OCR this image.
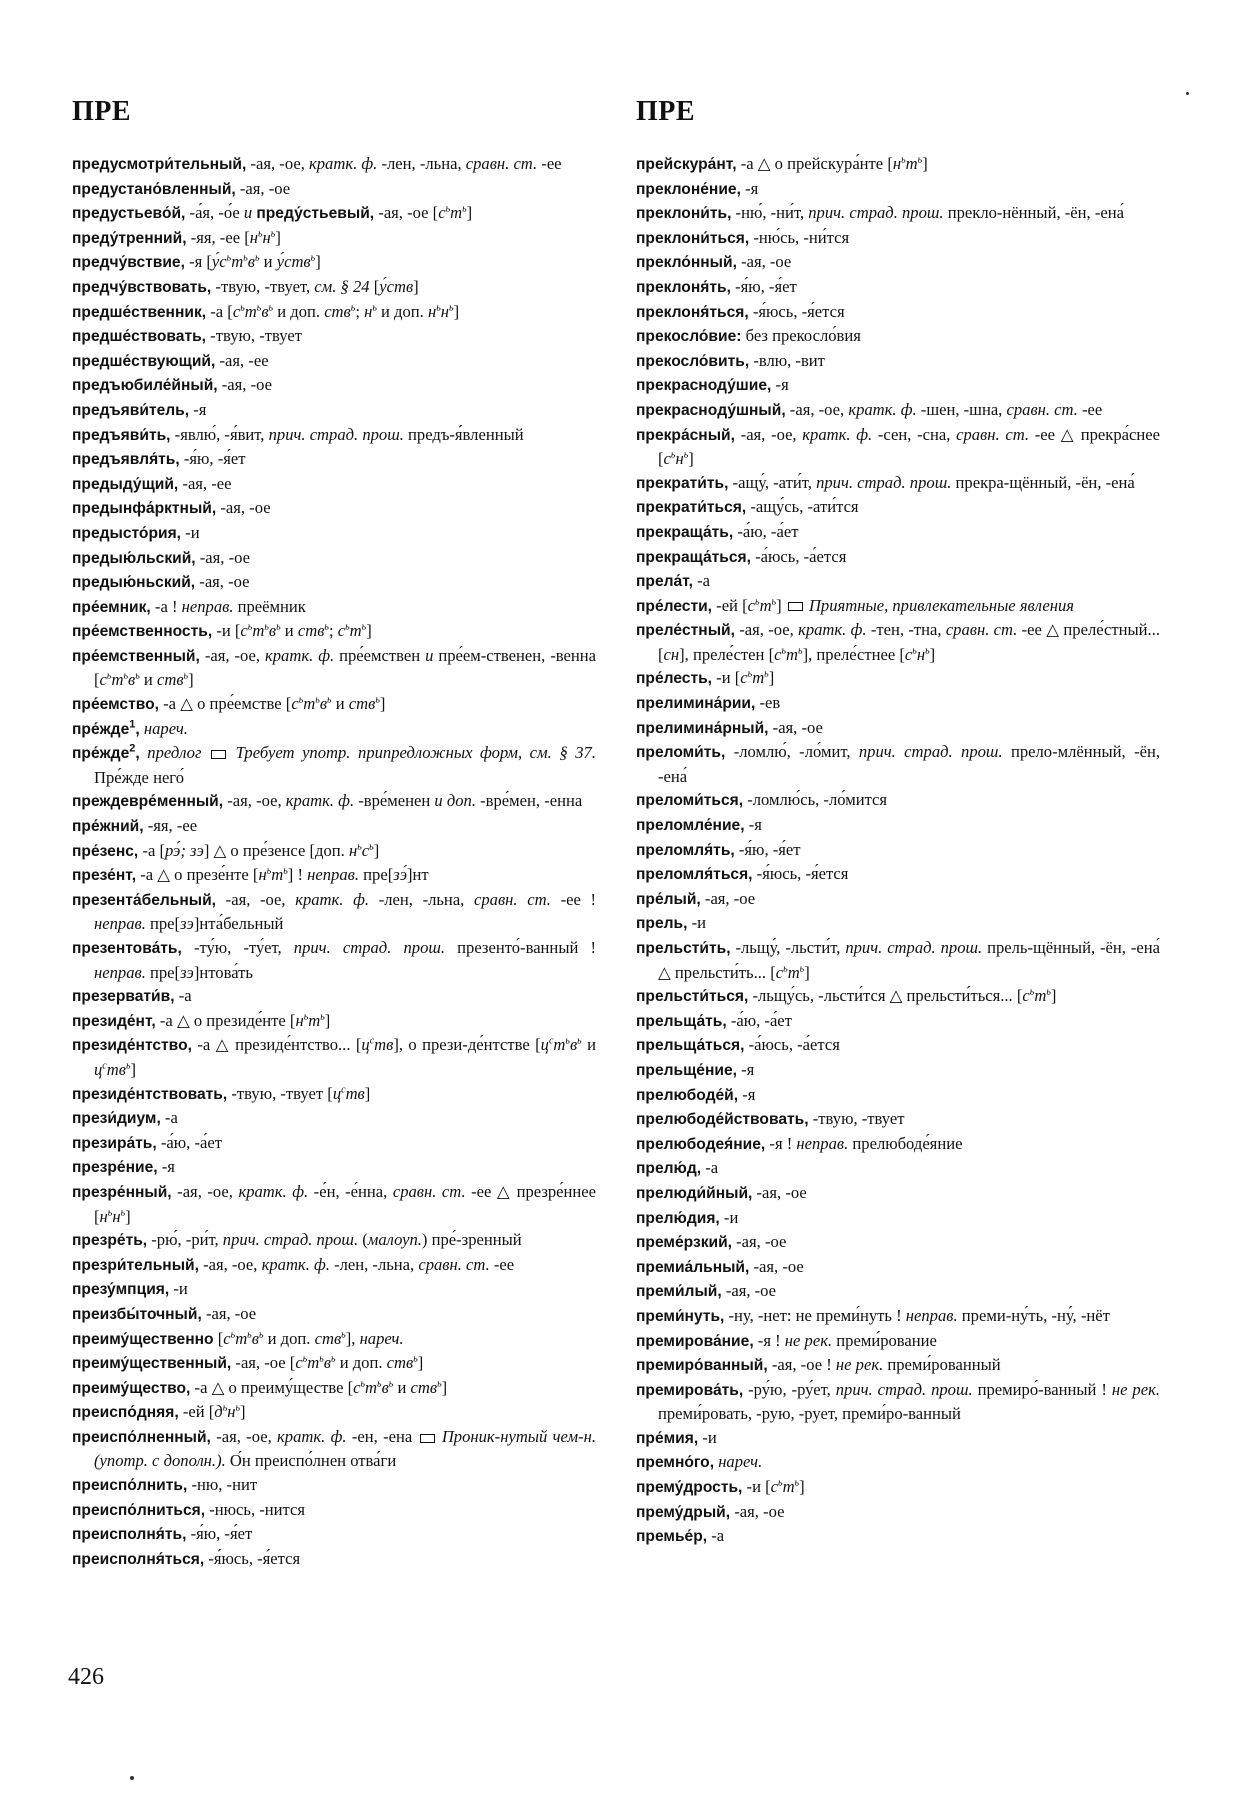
ПРЕ	ПРЕ

предусмотри́тельный, -ая, -ое, кратк. ф. -лен, -льна, сравн. ст. -ее

предустано́вленный, -ая, -ое

предустьево́й, -а́я, -о́е и преду́стьевый, -ая, -ое $[с^ьт^ь]$

преду́тренний, -яя, -ее $[н^ьн^ь]$

предчу́вствие, -я [$у́с^ьт^ьв^ь$ и у́ств$^ь$]

предчу́вствовать, -твую, -твует, см. § 24 [у́ств]

предше́ственник, -а [$с^ьт^ьв^ь$ и доп. ств$^ь$; $н^ь$ и доп. $н^ьн^ь$]

предше́ствовать, -твую, -твует

предше́ствующий, -ая, -ее

предъюбиле́йный, -ая, -ое

предъяви́тель, -я

предъяви́ть, -явлю́, -я́вит, прич. страд. прош. предъ-я́вленный

предъявля́ть, -я́ю, -я́ет

предыду́щий, -ая, -ее

предынфа́рктный, -ая, -ое

предысто́рия, -и

предыю́льский, -ая, -ое

предыю́ньский, -ая, -ое

пре́емник, -а ! неправ. преёмник

пре́емственность, -и [$с^ьт^ьв^ь$ и ств$^ь$; $с^ьт^ь$]

пре́емственный, -ая, -ое, кратк. ф. пре́емствен и пре́ем-ственен, -венна [$с^ьт^ьв^ь$ и ств$^ь$]

пре́емство, -а △ о пре́емстве [$с^ьт^ьв^ь$ и ств$^ь$]

пре́жде$^1$, нареч.

пре́жде$^2$, предлог Требует употр. припредложных форм, см. § 37. Пре́жде него́

преждевре́менный, -ая, -ое, кратк. ф. -вре́менен и доп. -вре́мен, -енна

пре́жний, -яя, -ее

пре́зенс, -а [рэ́; зэ] △ о пре́зенсе [доп. $н^ьс^ь$]

презе́нт, -а △ о презе́нте $[н^ьт^ь]$ ! неправ. пре[зэ́]нт

презента́бельный, -ая, -ое, кратк. ф. -лен, -льна, сравн. ст. -ее ! неправ. пре[зэ]нта́бельный

презентова́ть, -ту́ю, -ту́ет, прич. страд. прош. презенто́-ванный ! неправ. пре[зэ]нтова́ть

презервати́в, -а

президе́нт, -а △ о президе́нте $[н^ьт^ь]$

президе́нтство, -а △ президе́нтство... $[ц^ств]$, о прези-де́нтстве [$ц^ст^ьв^ь$ и $ц^ств^ь$]

президе́нтствовать, -твую, -твует $[ц^ств]$

прези́диум, -а

презира́ть, -а́ю, -а́ет

презре́ние, -я

презре́нный, -ая, -ое, кратк. ф. -е́н, -е́нна, сравн. ст. -ее △ презре́ннее $[н^ьн^ь]$

презре́ть, -рю́, -ри́т, прич. страд. прош. (малоуп.) пре́-зренный

презри́тельный, -ая, -ое, кратк. ф. -лен, -льна, сравн. ст. -ее

презу́мпция, -и

преизбы́точный, -ая, -ое

преиму́щественно [$с^ьт^ьв^ь$ и доп. ств$^ь$], нареч.

преиму́щественный, -ая, -ое [$с^ьт^ьв^ь$ и доп. ств$^ь$]

преиму́щество, -а △ о преиму́ществе [$с^ьт^ьв^ь$ и ств$^ь$]

преиспо́дняя, -ей $[д^ьн^ь]$

преиспо́лненный, -ая, -ое, кратк. ф. -ен, -ена  Проник-нутый чем-н. (употр. с дополн.). О́н преиспо́лнен отва́ги

преиспо́лнить, -ню, -нит

преиспо́лниться, -нюсь, -нится

преисполня́ть, -я́ю, -я́ет

преисполня́ться, -я́юсь, -я́ется

прейскура́нт, -а △ о прейскура́нте $[н^ьт^ь]$

преклоне́ние, -я

преклони́ть, -ню́, -ни́т, прич. страд. прош. прекло-нённый, -ён, -ена́

преклони́ться, -ню́сь, -ни́тся

прекло́нный, -ая, -ое

преклоня́ть, -я́ю, -я́ет

преклоня́ться, -я́юсь, -я́ется

прекосло́вие: без прекосло́вия

прекосло́вить, -влю, -вит

прекрасноду́шие, -я

прекраснoду́шный, -ая, -ое, кратк. ф. -шен, -шна, сравн. ст. -ее

прекра́сный, -ая, -ое, кратк. ф. -сен, -сна, сравн. ст. -ее △ прекра́снее $[с^ьн^ь]$

прекрати́ть, -ащу́, -ати́т, прич. страд. прош. прекра-щённый, -ён, -ена́

прекрати́ться, -ащу́сь, -ати́тся

прекраща́ть, -а́ю, -а́ет

прекраща́ться, -а́юсь, -а́ется

прела́т, -а

пре́лести, -ей $[с^ьт^ь]$  Приятные, привлекательные явления

преле́стный, -ая, -ое, кратк. ф. -тен, -тна, сравн. ст. -ее △ преле́стный... [сн], преле́стен $[с^ьт^ь]$, преле́стнее $[с^ьн^ь]$

пре́лесть, -и $[с^ьт^ь]$

прелимина́рии, -ев

прелимина́рный, -ая, -ое

преломи́ть, -ломлю́, -ло́мит, прич. страд. прош. прело-млённый, -ён, -ена́

преломи́ться, -ломлю́сь, -ло́мится

преломле́ние, -я

преломля́ть, -я́ю, -я́ет

преломля́ться, -я́юсь, -я́ется

пре́лый, -ая, -ое

прель, -и

прельсти́ть, -льщу́, -льсти́т, прич. страд. прош. прель-щённый, -ён, -ена́ △ прельсти́ть... $[с^ьт^ь]$

прельсти́ться, -льщу́сь, -льсти́тся △ прельсти́ться... $[с^ьт^ь]$

прельща́ть, -а́ю, -а́ет

прельща́ться, -а́юсь, -а́ется

прельще́ние, -я

прелюбоде́й, -я

прелюбоде́йствовать, -твую, -твует

прелюбодея́ние, -я ! неправ. прелюбоде́яние

прелю́д, -а

прелюди́йный, -ая, -ое

прелю́дия, -и

преме́рзкий, -ая, -ое

премиа́льный, -ая, -ое

преми́лый, -ая, -ое

преми́нуть, -ну, -нет: не преми́нуть ! неправ. преми-ну́ть, -ну́, -нёт

премирова́ние, -я ! не рек. преми́рование

премиро́ванный, -ая, -ое ! не рек. преми́рованный

премирова́ть, -ру́ю, -ру́ет, прич. страд. прош. премиро́-ванный ! не рек. преми́ровать, -рую, -рует, преми́ро-ванный

пре́мия, -и

премно́го, нареч.

прему́дрость, -и $[с^ьт^ь]$

прему́дрый, -ая, -ое

премье́р, -а

426
